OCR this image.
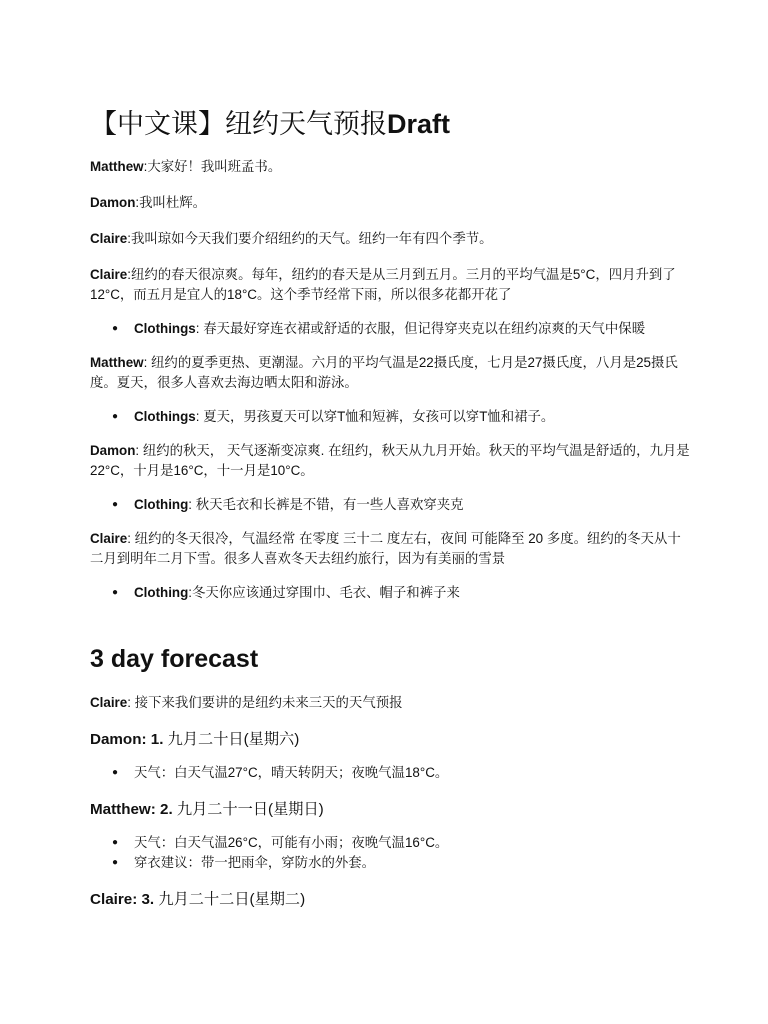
【中文课】纽约天气预报Draft

Matthew:大家好！我叫班孟书。

Damon:我叫杜辉。

Claire:我叫琼如今天我们要介绍纽约的天气。纽约一年有四个季节。

Claire:纽约的春天很凉爽。每年，纽约的春天是从三月到五月。三月的平均气温是5°C，四月升到了12°C，而五月是宜人的18°C。这个季节经常下雨，所以很多花都开花了

● Clothings: 春天最好穿连衣裙或舒适的衣服，但记得穿夹克以在纽约凉爽的天气中保暖

Matthew: 纽约的夏季更热、更潮湿。六月的平均气温是22摄氏度，七月是27摄氏度，八月是25摄氏度。夏天，很多人喜欢去海边晒太阳和游泳。

● Clothings: 夏天，男孩夏天可以穿T恤和短裤，女孩可以穿T恤和裙子。

Damon: 纽约的秋天， 天气逐渐变凉爽. 在纽约，秋天从九月开始。秋天的平均气温是舒适的，九月是22°C，十月是16°C，十一月是10°C。

● Clothing: 秋天毛衣和长裤是不错，有一些人喜欢穿夹克

Claire: 纽约的冬天很冷，气温经常 在零度 三十二 度左右，夜间 可能降至 20 多度。纽约的冬天从十二月到明年二月下雪。很多人喜欢冬天去纽约旅行，因为有美丽的雪景

● Clothing:冬天你应该通过穿围巾、毛衣、帽子和裤子来
3 day forecast

Claire: 接下来我们要讲的是纽约未来三天的天气预报

Damon: 1. 九月二十日(星期六)

● 天气：白天气温27°C，晴天转阴天；夜晚气温18°C。

Matthew: 2. 九月二十一日(星期日)

● 天气：白天气温26°C，可能有小雨；夜晚气温16°C。
● 穿衣建议：带一把雨伞，穿防水的外套。

Claire: 3. 九月二十二日(星期二)
